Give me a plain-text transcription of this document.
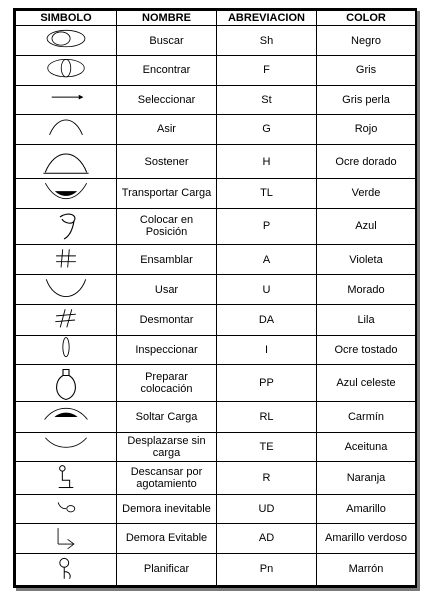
SIMBOLO	NOMBRE	ABREVIACION	COLOR

	Buscar	Sh	Negro

	Encontrar	F	Gris

	Seleccionar	St	Gris perla

	Asir	G	Rojo

	Sostener	H	Ocre dorado

	Transportar Carga	TL	Verde

	Colocar en Posición	P	Azul

	Ensamblar	A	Violeta

	Usar	U	Morado

	Desmontar	DA	Lila

	Inspeccionar	I	Ocre tostado

	Preparar colocación	PP	Azul celeste

	Soltar Carga	RL	Carmín

	Desplazarse sin carga	TE	Aceituna

	Descansar por agotamiento	R	Naranja

	Demora inevitable	UD	Amarillo

	Demora Evitable	AD	Amarillo verdoso

	Planificar	Pn	Marrón
